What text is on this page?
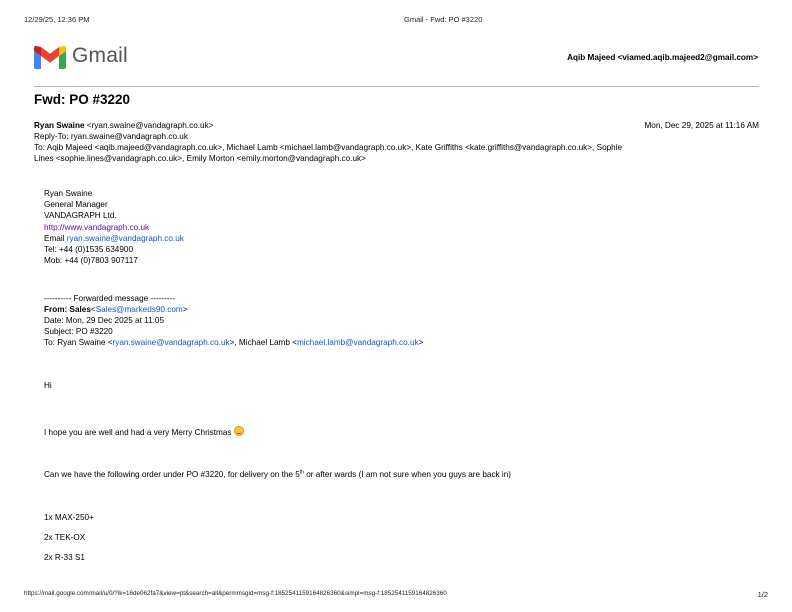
12/29/25, 12:36 PM	Gmail - Fwd: PO #3220
Gmail	Aqib Majeed <viamed.aqib.majeed2@gmail.com>
Fwd: PO #3220
Ryan Swaine <ryan.swaine@vandagraph.co.uk>	Mon, Dec 29, 2025 at 11:16 AM
Reply-To: ryan.swaine@vandagraph.co.uk
To: Aqib Majeed <aqib.majeed@vandagraph.co.uk>, Michael Lamb <michael.lamb@vandagraph.co.uk>, Kate Griffiths <kate.griffiths@vandagraph.co.uk>, Sophie
Lines <sophie.lines@vandagraph.co.uk>, Emily Morton <emily.morton@vandagraph.co.uk>
Ryan Swaine
General Manager
VANDAGRAPH Ltd.
http://www.vandagraph.co.uk
Email ryan.swaine@vandagraph.co.uk
Tel: +44 (0)1535 634900
Mob: +44 (0)7803 907117
---------- Forwarded message ---------
From: Sales<Sales@markeds90.com>
Date: Mon, 29 Dec 2025 at 11:05
Subject: PO #3220
To: Ryan Swaine <ryan.swaine@vandagraph.co.uk>, Michael Lamb <michael.lamb@vandagraph.co.uk>
Hi
I hope you are well and had a very Merry Christmas
Can we have the following order under PO #3220, for delivery on the 5th or after wards (I am not sure when you guys are back in)
1x MAX-250+
2x TEK-OX
2x R-33 S1
https://mail.google.com/mail/u/0/?ik=16de062fa7&view=pt&search=all&permmsgid=msg-f:1852541159164826360&simpl=msg-f:1852541159164826360	1/2
